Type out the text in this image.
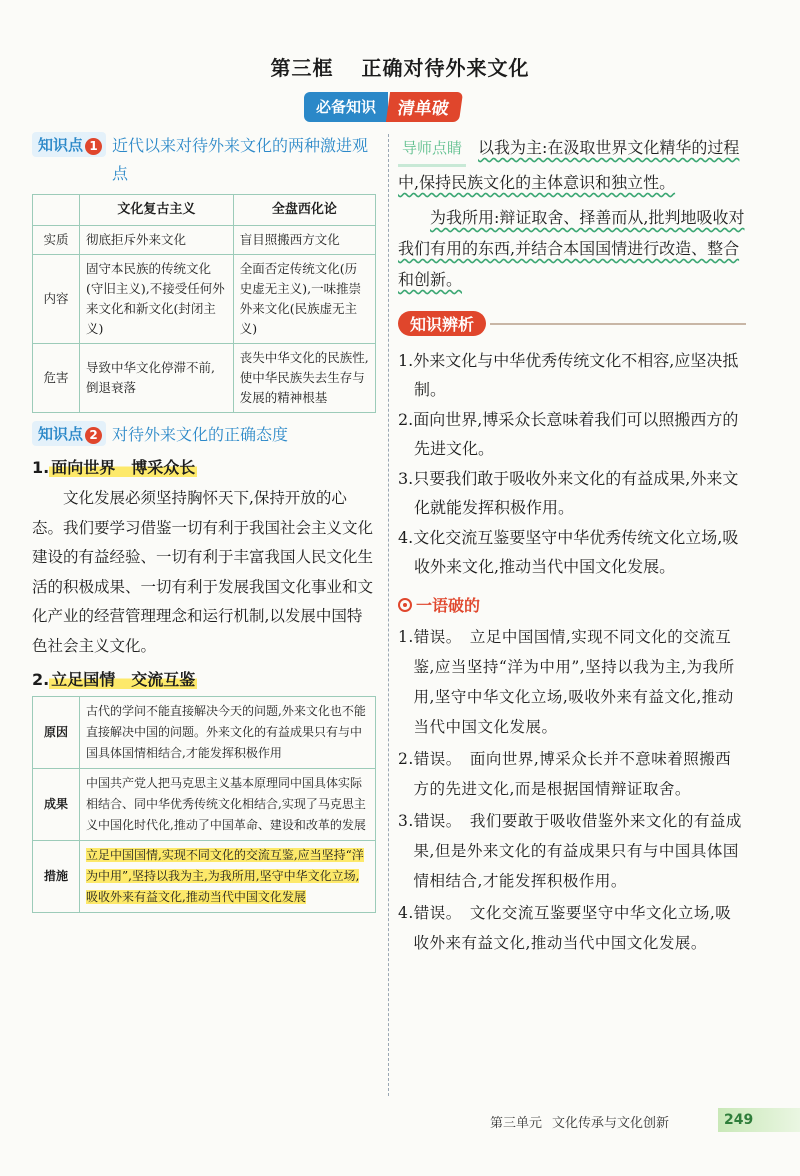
第三框 正确对待外来文化
必备知识	清单破
知识点 1 近代以来对待外来文化的两种激进观点
	文化复古主义	全盘西化论
实质	彻底拒斥外来文化	盲目照搬西方文化
内容	固守本民族的传统文化(守旧主义),不接受任何外来文化和新文化(封闭主义)	全面否定传统文化(历史虚无主义),一味推崇外来文化(民族虚无主义)
危害	导致中华文化停滞不前,倒退衰落	丧失中华文化的民族性,使中华民族失去生存与发展的精神根基
知识点 2 对待外来文化的正确态度
1. 面向世界　博采众长

文化发展必须坚持胸怀天下,保持开放的心态。我们要学习借鉴一切有利于我国社会主义文化建设的有益经验、一切有利于丰富我国人民文化生活的积极成果、一切有利于发展我国文化事业和文化产业的经营管理理念和运行机制,以发展中国特色社会主义文化。

2. 立足国情　交流互鉴
原因	古代的学问不能直接解决今天的问题,外来文化也不能直接解决中国的问题。外来文化的有益成果只有与中国具体国情相结合,才能发挥积极作用
成果	中国共产党人把马克思主义基本原理同中国具体实际相结合、同中华优秀传统文化相结合,实现了马克思主义中国化时代化,推动了中国革命、建设和改革的发展
措施	立足中国国情,实现不同文化的交流互鉴,应当坚持“洋为中用”,坚持以我为主,为我所用,坚守中华文化立场,吸收外来有益文化,推动当代中国文化发展

导师点睛 以我为主:在汲取世界文化精华的过程中,保持民族文化的主体意识和独立性。

为我所用:辩证取舍、择善而从,批判地吸收对我们有用的东西,并结合本国国情进行改造、整合和创新。

知识辨析
1.外来文化与中华优秀传统文化不相容,应坚决抵制。
2.面向世界,博采众长意味着我们可以照搬西方的先进文化。
3.只要我们敢于吸收外来文化的有益成果,外来文化就能发挥积极作用。
4.文化交流互鉴要坚守中华优秀传统文化立场,吸收外来文化,推动当代中国文化发展。
一语破的
1.错误。 立足中国国情,实现不同文化的交流互鉴,应当坚持“洋为中用”,坚持以我为主,为我所用,坚守中华文化立场,吸收外来有益文化,推动当代中国文化发展。
2.错误。 面向世界,博采众长并不意味着照搬西方的先进文化,而是根据国情辩证取舍。
3.错误。 我们要敢于吸收借鉴外来文化的有益成果,但是外来文化的有益成果只有与中国具体国情相结合,才能发挥积极作用。
4.错误。 文化交流互鉴要坚守中华文化立场,吸收外来有益文化,推动当代中国文化发展。
第三单元 文化传承与文化创新	249
